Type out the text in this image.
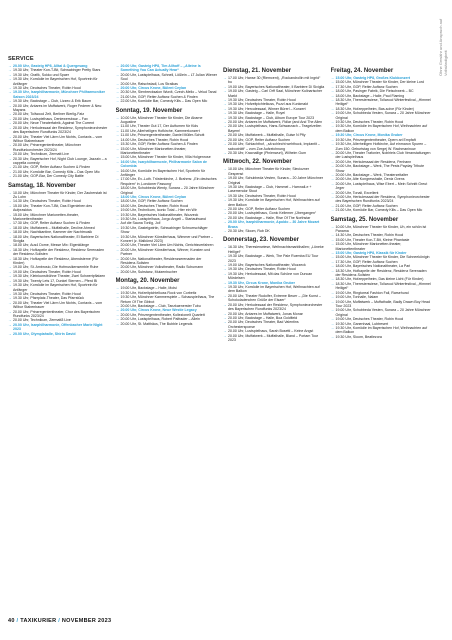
SERVICE	Ohne Gewähr und Anspruch auf Vollständigkeit
→ 20.00 Uhr, Gasteig HP8, Alltai & Quergesang
→ 19.30 Uhr, Theater Kon-T-Bit, Schwabinger Pretty Stars
→ 19.30 Uhr, Grafik, Sokko und Spaer
→ 19.30 Uhr, Komödie im Bayerischen Hof, Sportrein für Anfänger
→ 19.30 Uhr, Deutsches Theater, Robin Hood
→ 19.30 Uhr, Isarphilharmonie, Münchner Philharmoniker Saison 2023/24
→ 19.30 Uhr, Backstage – Club, Lizzeo & Erik Baum
→ 20.00 Uhr, Antares im Muffatwerk, Roger Federer & Neu: Mayans
→ 20.00 Uhr, Tollwood Zelt, Berliner Bierlig-Fatz
→ 20.00 Uhr, Lustspielhaus, Deniewersbaur – Fax
→ 20.00 Uhr, Neue Theaterfabrik, Against The Current
→ 20.00 Uhr, Herkulessaal der Residenz, Symphonieorchester des Bayerischen Rundfunks 2023/24
→ 20.00 Uhr, Theater Viel Lärm Um Nichts, Contaxis – vom Wilbur Stabenbauer
→ 20.00 Uhr, Prinzregententheater, Münchner Rundfunkorchester 2023/24
→ 20.00 Uhr, Technikum, Zermatt Live
→ 20.30 Uhr, Bayerischer Hof, Night Club Lounge, Jazzaix – a cappella comedy
→ 21.00 Uhr, GOP, Reiter Auftanz Suchen & Finden
→ 21.00 Uhr, Komödie Bar, Comedy Kills – Das Open Mic
→ 21.00 Uhr, GOP-Bar, Der Comedy City Battle
Samstag, 18. November
→ 10.00 Uhr, Münchner Theater für Kinder, Der Zauberstab ist Zu Lohn
→ 14.30 Uhr, Deutsches Theater, Robin Hood
→ 15.00 Uhr, Theater Kon-T-Bit, Das Eigenleben des Aufprasktus
→ 15.00 Uhr, Münchner Marionetten-theater, Marionettentheater
→ 17.30 Uhr, GOP, Reiter Auftanz Suchen & Finden
→ 18.00 Uhr, Muffatwerk – Muffathalle, Decline Ahmed
→ 18.00 Uhr, Nachtkantine, Kammer der Nachtmusik
→ 18.00 Uhr, Bayerisches Nationaltheater, El Barbiere Di Siviglia
→ 18.00 Uhr, Aus4 Dome, Messe Mix: Eigenklänge
→ 18.30 Uhr, Hofkapelle der Residenz, Residenz Serenaden der Residenz-Solisten
→ 18.30 Uhr, Hofkapelle der Residenz, Abendsterne (Für Kinder)
→ 19.00 Uhr, St. Ambrosio, Die Hofmusikensemble Ruhe
→ 19.00 Uhr, Deutsches Theater, Robin Hood
→ 19.30 Uhr, Kleinkunstbühne Theater, Zwei Schwertpflatzen
→ 19.30 Uhr, Twenty Lets 17, Dunkel Sternen – Pferd Bi
→ 19.30 Uhr, Komödie im Bayerischen Hof, Sportrein für Anfänger
→ 19.30 Uhr, Deutsches Theater, Robin Hood
→ 19.30 Uhr, Pfarrplatz-Theater, Das Pfarrstück
→ 20.00 Uhr, Theater Viel Lärm Um Nichts, Contaxis – vom Wilbur Stabenbauer
→ 20.00 Uhr, Prinzregententheater, Chor des Bayerischen Rundfunks 2023/24
→ 20.00 Uhr, Technikum, Zermatt3 Live
→ 20.00 Uhr, Isarphilharmonie, Offenbacher Marie Night 2023
→ 20.00 Uhr, Olympiahalle, Shirin David
→ 20.00 Uhr, Gasteig HP8, Tim Allhoff – „Alleine Is Something You Can Actually Hear“
→ 20.00 Uhr, Lustspielhaus, Schnell, Lößlein – LT Julian Wiener Soul
→ 20.00 Uhr, Ratschstadl, Los Straikas
→ 20.00 Uhr, Circus Krone, Bülent Ceylan
→ 20.30 Uhr, Sienbrecksalon Wurdt, Czech-Mello – Velud Tanal
→ 21.00 Uhr, GOP, Reiter Auftanz Suchen & Finden
→ 22.00 Uhr, Komödie Bar, Comedy Kills – Das Open Mic
Sonntag, 19. November
→ 10.00 Uhr, Münchner Theater für Kinder, Die Abarne Augustine
→ 11.00 Uhr, Theater Gut 17, Der Auftumen für Kids
→ 11.00 Uhr, Allerheiligen Hofkirche, Kammerkonzert
→ 11.00 Uhr, Prinzregententheater, Daniel Müller-Schott
→ 14.00 Uhr, Deutsches Theater, Robin Hood
→ 15.30 Uhr, GOP, Reiter Auftanz Suchen & Finden
→ 15.00 Uhr, Münchner Marionetten-theater, Marionettentheater
→ 15.00 Uhr, Münchner Theater für Kinder, Villa Holgenrose
→ 16.00 Uhr, Isarphilharmonie, Philharmonie Salon de Colombia
→ 16.00 Uhr, Komödie im Bayerischen Hof, Sportrein für Anfänger
→ 17.00 Uhr, Ev.-Luth. Trösterkirche, J. Brahms: „Ein deutsches Requiem“ in ‚Londoner Fassung‘
→ 18.00 Uhr, Schubbeda Wenty, Sunara – 20 Jahre Münchner Original
→ 18.00 Uhr, Circus Krone, Bülent Ceylan
→ 18.00 Uhr, GOP, Reiter Auftanz Suchen
→ 18.00 Uhr, Deutsches Theater, Robin Hood
→ 19.00 Uhr, Technikum, Iconic Total – Hier ein Wir
→ 19.30 Uhr, Bayerisches Nationaltheater, Wozzeck
→ 19.30 Uhr, Lustspielhaus, Jorgo Angeli – Startaufwand
→ Auf die Sauna Tonlig, Joi!
→ 19.30 Uhr, Gasteigwirtin, Schwabinger Schnurrschläger Show
→ 19.30 Uhr, Münchner Künstlerhaus, Wimmer und Partner – Konzert (z. Malkünst 2023)
→ 20.00 Uhr, Theater Viel Lärm Um Nichts, Gerichtsverfahren
→ 20.00 Uhr, Münchner Künstlerhaus, Winner, Kunsten und Partner
→ 20.00 Uhr, Nationaltheater, Residenzserenaden der Residenz-Solisten
→ 20.00 Uhr, Münchner Volkstheater, Radio Schumann
→ 20.00 Uhr, Substanz, Mutzenbucher
Montag, 20. November
→ 19.00 Uhr, Backstage – Halle, Molsi
→ 19.30 Uhr, Hofzeitpichtelkuss Rock von Corbeitz
→ 19.30 Uhr, Münchner Kammerspiele – Schauspielhaus, The Return Of The Gibbot
→ 20.00 Uhr, Backstage – Club, Tanzkaenerster Tubu
→ 20.00 Uhr, Circus Krone, Neue Westie Legacy
→ 20.00 Uhr, Prinzregententheater, Kollezionelt Quartett
→ 20.00 Uhr, Lustspielhaus, Robert Palfrader – Allein
→ 20.00 Uhr, St. Matthäus, The Bubble Legends
Dienstag, 21. November
→ 17.00 Uhr, Hanse 30 (Riemcent), „Rockandrollin mit Ingrid“ bu
→ 19.00 Uhr, Bayerisches Nationaltheater, Il Barbiere Di Siviglia
→ 19.00 Uhr, Gasteig – Carl Orff Saal, Münchner Kulinarischer Markt
→ 19.30 Uhr, Deutsches Theater, Robin Hood
→ 19.30 Uhr, Hofzeitpichtelkuss, Puzzl aus Kunkmakt
→ 19.30 Uhr, Herculessaal, Winner Bürerl – Konzert
→ 19.30 Uhr, Backstage – Halle, Royel
→ 19.30 Uhr, Backstage – Club, Album Europe Tour 2023
→ 20.00 Uhr, Antares im Muffatwerk, Fidlar (and And The Allen
→ 20.00 Uhr, Lustspielhaus, Hans-Schwarzach – Teagelzellen Bayern!
→ 20.00 Uhr, Muffatwerk – Muffathalle, Guise N Pfly
→ 20.00 Uhr, GOP, Reiter Auftanz Suchen
→ 20.00 Uhr, Schlachthof, ,,sä schlecht wehthuck, Implantit – sabooträtt“ – vom Zoe Aufzeichnung
→ 20.30 Uhr, Kracnallige (Pinienwurt), Wilhelm Gum
Mittwoch, 22. November
→ 10.00 Uhr, Münchner Theater für Kinder, Sieciozner Gespenst
→ 19.00 Uhr, Schubbeda Vesten, Sunara – 20 Jahre Münchner Original
→ 19.30 Uhr, Backstage – Club, Hammel – Hamnall-e + Lasemendor Stout
→ 19.30 Uhr, Deutsches Theater, Robin Hood
→ 19.30 Uhr, Komödie im Bayerischen Hof, Weihnachten auf dem Balkon
→ 20.00 Uhr, GOP, Reiter Auftanz Suchen
→ 20.00 Uhr, Lustspielhaus, Gonic Kellemer „Übergangen“
→ 20.00 Uhr, Backstage – Halle, Rise Of The Northstar
→ 20.00 Uhr, Isarphilharmonie, Apoldo – 30 Jahre Mozart Brass
→ 20.30 Uhr, Sloom, Rub DK
Donnerstag, 23. November
→ 16.30 Uhr, Theresienwiese, Weihnachtsmarkthallen; „Lüneke Heiligel“
→ 19.30 Uhr, Backstage – Werk, The Pale Ruemba EU Tour 2023
→ 19.00 Uhr, Bayerisches Nationaltheater, Wozzeck
→ 19.30 Uhr, Deutsches Theater, Robin Hood
→ 19.30 Uhr, Herkulessaal, Mit das Schöne von Duncan Mürdelsen
→ 19.30 Uhr, Circus Krone, Monika Gruber
→ 19.30 Uhr, Komödie im Bayerischen Hof, Weihnachten auf dem Balkon
→ 20.00 Uhr, Theater Rudolfer, Extreme Beuer – „Die Kunst – Schokoladenchen Grüße der Elsaer“
→ 20.00 Uhr, Herkulessaal der Residenz, Symphonieorchester des Bayerischen Rundfunks 2023/24
→ 20.00 Uhr, Antares im Muffatwerk, Jonas Monar
→ 20.00 Uhr, Backstage – Halle, Boa Goldfield
→ 20.00 Uhr, Deutsches Theater, Bad Valentins Orchestersponse
→ 20.00 Uhr, Lustspielhaus, Sarah Bosetti – Keine Angst
→ 20.00 Uhr, Muffatwerk – Muffathalle, Bland – Portam Tour 2023
Freitag, 24. November
→ 15.00 Uhr, Gasteig HP8, Großes Klubkonzert
→ 15.00 Uhr, Münchner Theater für Kinder, Der kleine Lord
→ 17.30 Uhr, GOP, Reiter Auftanz Suchen
→ 18.00 Uhr, Pasinger Fabrik, Die Fleischwerk – BC
→ 18.00 Uhr, Backstage – Halle, Paul Flaming
→ 18.30 Uhr, Theresienwiese, Tollwood Winterfestival, „Himmel Heiligel“
→ 18.30 Uhr, Hofzeppelheim, Bas-solve (Für Kinder)
→ 19.00 Uhr, Schubbeda Vesten, Sunara – 20 Jahre Münchner Original
→ 19.30 Uhr, Deutsches Theater, Robin Hood
→ 19.30 Uhr, Komödie im Bayerischen Hof, Weihnachten auf dem Balkon
→ 19.30 Uhr, Circus Krone, Monika Gruber
→ 19.30 Uhr, Prinzregententheater, Opern ari Empfaft
→ 19.30 Uhr, Allerheiligen Hofkirche, Auf einmaron Spuren – Zum 150. Geburtstag von Sergej W. Rachmaninow
→ 20.00 Uhr, Theater Trafonier, Noblrieis Club Veranstaltungen der Lustspielhaus
→ 20.00 Uhr, Herkulessaal der Residenz, Fenhann
→ 20.00 Uhr, Backstage – Werk, The Pests Payday Tribute Show
→ 20.00 Uhr, Backstage – Werk, Theaterzeitalter
→ 20.00 Uhr, Alte Kongresshalle, Deniz Ovens
→ 20.00 Uhr, Lustspielhaus, Wise Ebert – Mein Schnitt Greut Jeger
→ 20.00 Uhr, Tonali, Excellent
→ 20.00 Uhr, Herkulessaal der Residenz, Symphonieorchester des Bayerischen Rundfunks 2023/24
→ 21.00 Uhr, GOP, Reiter Auftanz Suchen
→ 21.00 Uhr, Komödie Bar, Comedy Kills – Das Open Mic
Samstag, 25. November
→ 10.00 Uhr, Münchner Theater für Kinder, Uh, ein schön ist Panama
→ 14.30 Uhr, Deutsches Theater, Robin Hood
→ 15.00 Uhr, Theater Kon-T-Bit, Kleine Phantasie
→ 15.00 Uhr, Münchner Marionetten-theater, Marionettentheater
→ 15.00 Uhr, Gasteig HP8, Klassik für Kinder
→ 15.00 Uhr, Münchner Theater für Kinder, Die Schneekönigin
→ 17.30 Uhr, GOP, Reiter Auftanz Suchen
→ 18.00 Uhr, Bayerisches Nationaltheater, La Pari
→ 18.30 Uhr, Hofkapelle der Residenz, Residenz Serenaden der Residenz-Solisten
→ 18.30 Uhr, Hofzeppelheim, Das kleine Licht (Für Kinder)
→ 18.30 Uhr, Theresienwiese, Tollwood Winterfestival, „Himmel Heiligel“
→ 19.00 Uhr, Ringtoreal Fashion Fall, Rarsehund
→ 19.00 Uhr, Tonhalle, Nalam
→ 19.00 Uhr, Muffatwerk – Muffathalle, Badly Drawn Boy Head Tour 2023
→ 19.00 Uhr, Schubbeda Vesten, Sunara – 20 Jahre Münchner Original
→ 19.00 Uhr, Deutsches Theater, Robin Hood
→ 19.30 Uhr, Ganenhaal, Lubtresert
→ 19.30 Uhr, Komödie im Bayerischen Hof, Weihnachten auf dem Balkon
→ 19.30 Uhr, Sloom, Beatlezora
40 / TAXIKURIER / NOVEMBER 2023
